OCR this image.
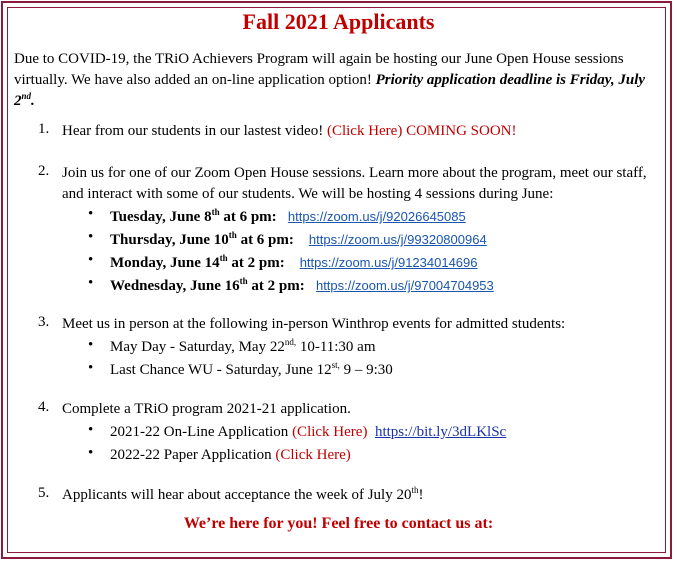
Fall 2021 Applicants
Due to COVID-19, the TRiO Achievers Program will again be hosting our June Open House sessions virtually. We have also added an on-line application option! Priority application deadline is Friday, July 2nd.
1. Hear from our students in our lastest video! (Click Here) COMING SOON!
2. Join us for one of our Zoom Open House sessions. Learn more about the program, meet our staff, and interact with some of our students. We will be hosting 4 sessions during June:
• Tuesday, June 8th at 6 pm: https://zoom.us/j/92026645085
• Thursday, June 10th at 6 pm: https://zoom.us/j/99320800964
• Monday, June 14th at 2 pm: https://zoom.us/j/91234014696
• Wednesday, June 16th at 2 pm: https://zoom.us/j/97004704953
3. Meet us in person at the following in-person Winthrop events for admitted students:
• May Day - Saturday, May $22^{nd,}$ 10-11:30 am
• Last Chance WU - Saturday, June $12^{st,}$ 9 – 9:30
4. Complete a TRiO program 2021-21 application.
• 2021-22 On-Line Application (Click Here) https://bit.ly/3dLKlSc
• 2022-22 Paper Application (Click Here)
5. Applicants will hear about acceptance the week of July 20th!
We’re here for you! Feel free to contact us at:
